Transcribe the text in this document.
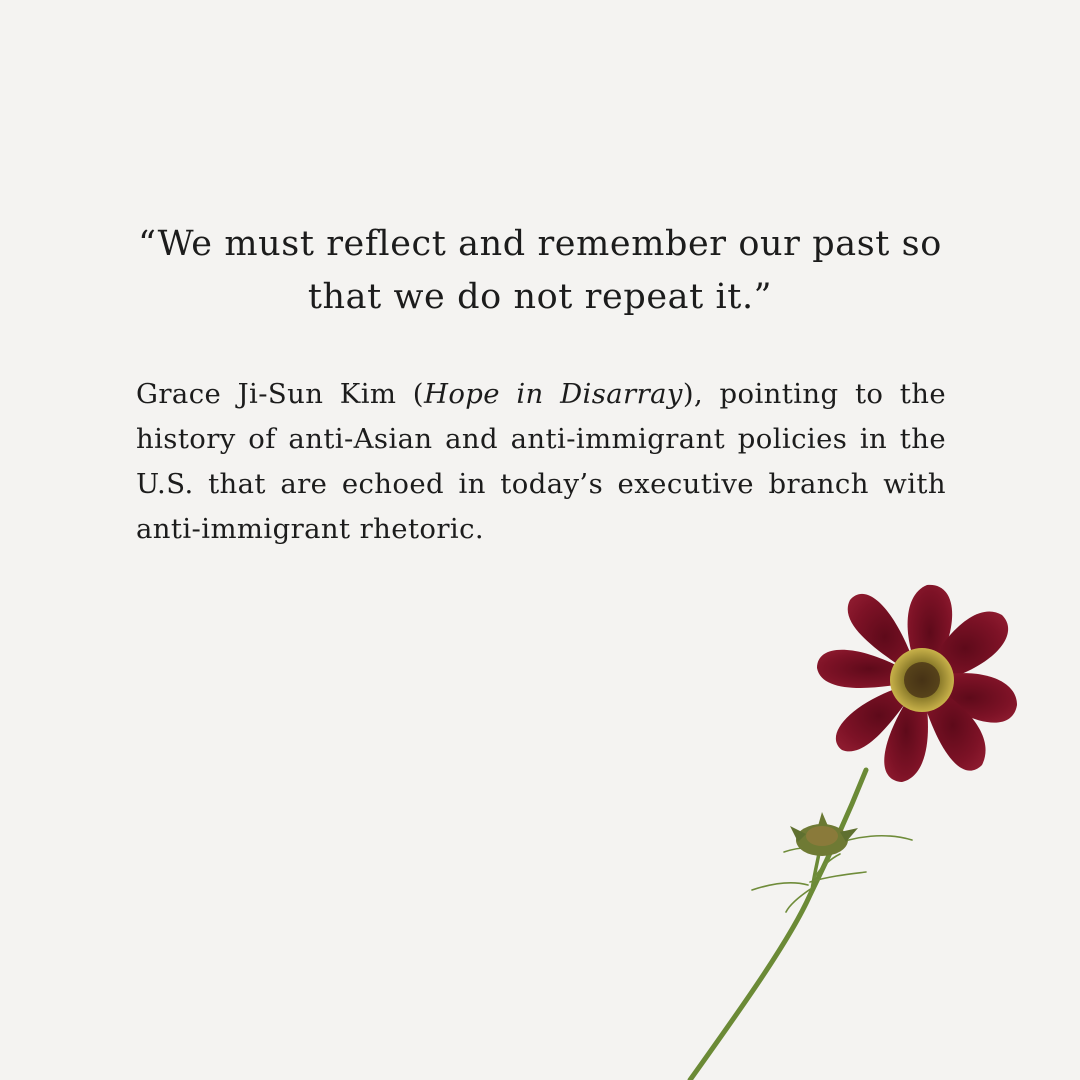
“We must reflect and remember our past so that we do not repeat it.”

Grace Ji-Sun Kim (Hope in Disarray), pointing to the history of anti-Asian and anti-immigrant policies in the U.S. that are echoed in today’s executive branch with anti-immigrant rhetoric.
